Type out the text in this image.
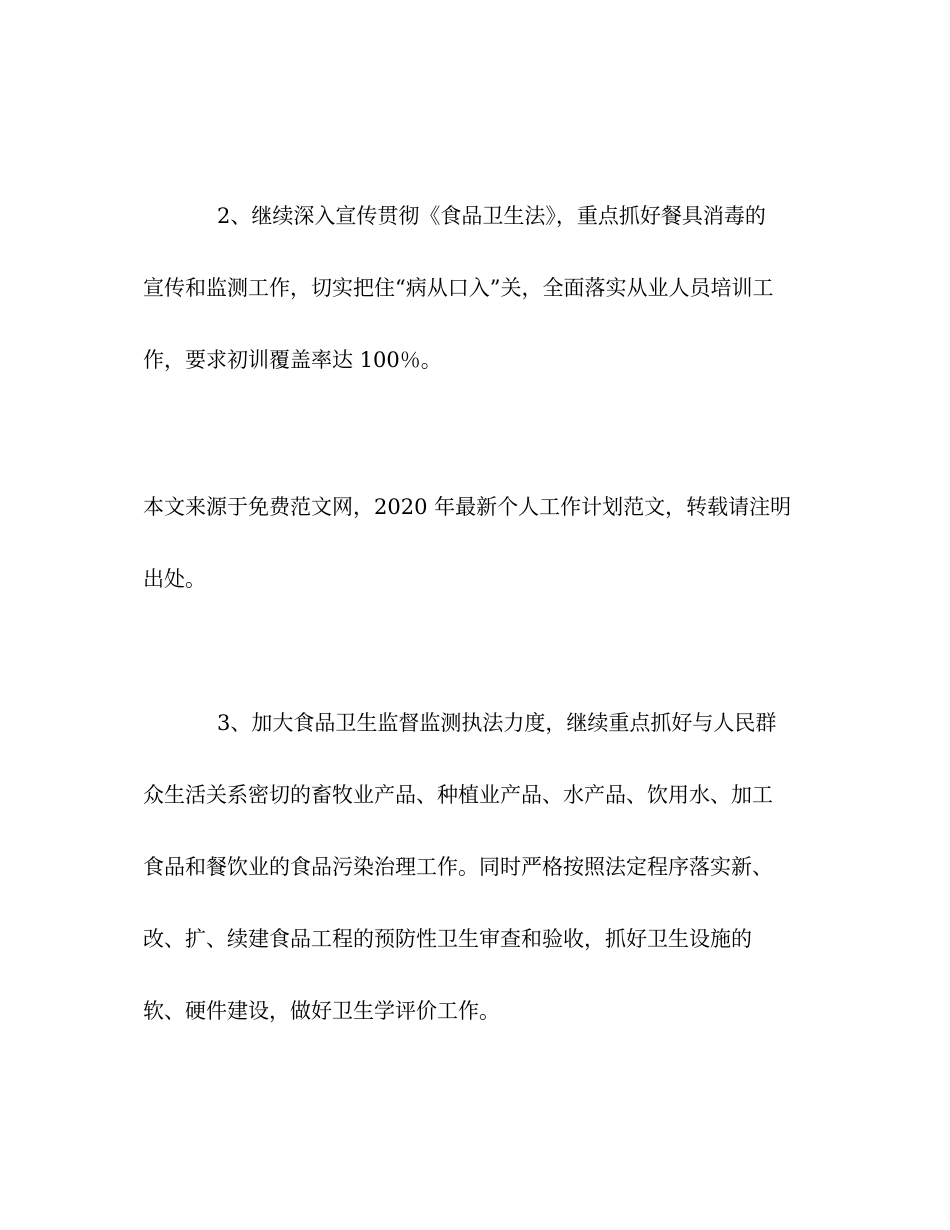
2、继续深入宣传贯彻《食品卫生法》，重点抓好餐具消毒的
宣传和监测工作，切实把住“病从口入”关，全面落实从业人员培训工
作，要求初训覆盖率达 100％。

本文来源于免费范文网，2020 年最新个人工作计划范文，转载请注明
出处。

3、加大食品卫生监督监测执法力度，继续重点抓好与人民群
众生活关系密切的畜牧业产品、种植业产品、水产品、饮用水、加工
食品和餐饮业的食品污染治理工作。同时严格按照法定程序落实新、
改、扩、续建食品工程的预防性卫生审查和验收，抓好卫生设施的
软、硬件建设，做好卫生学评价工作。
